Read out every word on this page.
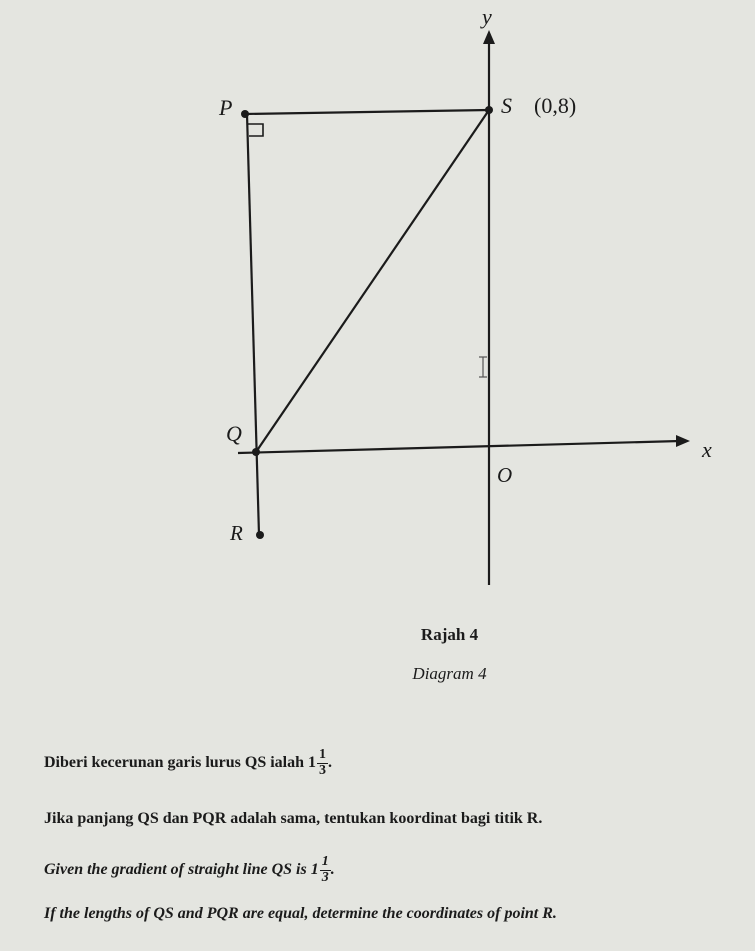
y
x
O
P	S (0,8)
Q
R

Rajah 4

Diagram 4

Diberi kecerunan garis lurus QS ialah $1 \frac{1}{3}$ .

Jika panjang QS dan PQR adalah sama, tentukan koordinat bagi titik R.

Given the gradient of straight line QS is $1 \frac{1}{3}$ .

If the lengths of QS and PQR are equal, determine the coordinates of point R.
